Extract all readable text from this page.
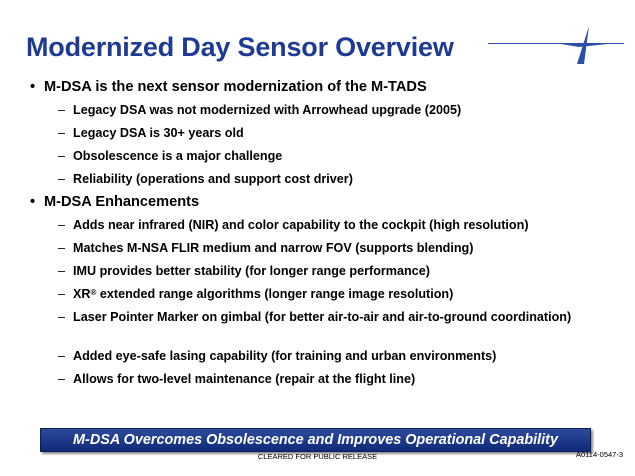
Modernized Day Sensor Overview
• M-DSA is the next sensor modernization of the M-TADS
– Legacy DSA was not modernized with Arrowhead upgrade (2005)
– Legacy DSA is 30+ years old
– Obsolescence is a major challenge
– Reliability (operations and support cost driver)
• M-DSA Enhancements
– Adds near infrared (NIR) and color capability to the cockpit (high resolution)
– Matches M-NSA FLIR medium and narrow FOV (supports blending)
– IMU provides better stability (for longer range performance)
– XR® extended range algorithms (longer range image resolution)
– Laser Pointer Marker on gimbal (for better air-to-air and air-to-ground coordination)
– Added eye-safe lasing capability (for training and urban environments)
– Allows for two-level maintenance (repair at the flight line)
M-DSA Overcomes Obsolescence and Improves Operational Capability
CLEARED FOR PUBLIC RELEASE	A0114-0547-3
